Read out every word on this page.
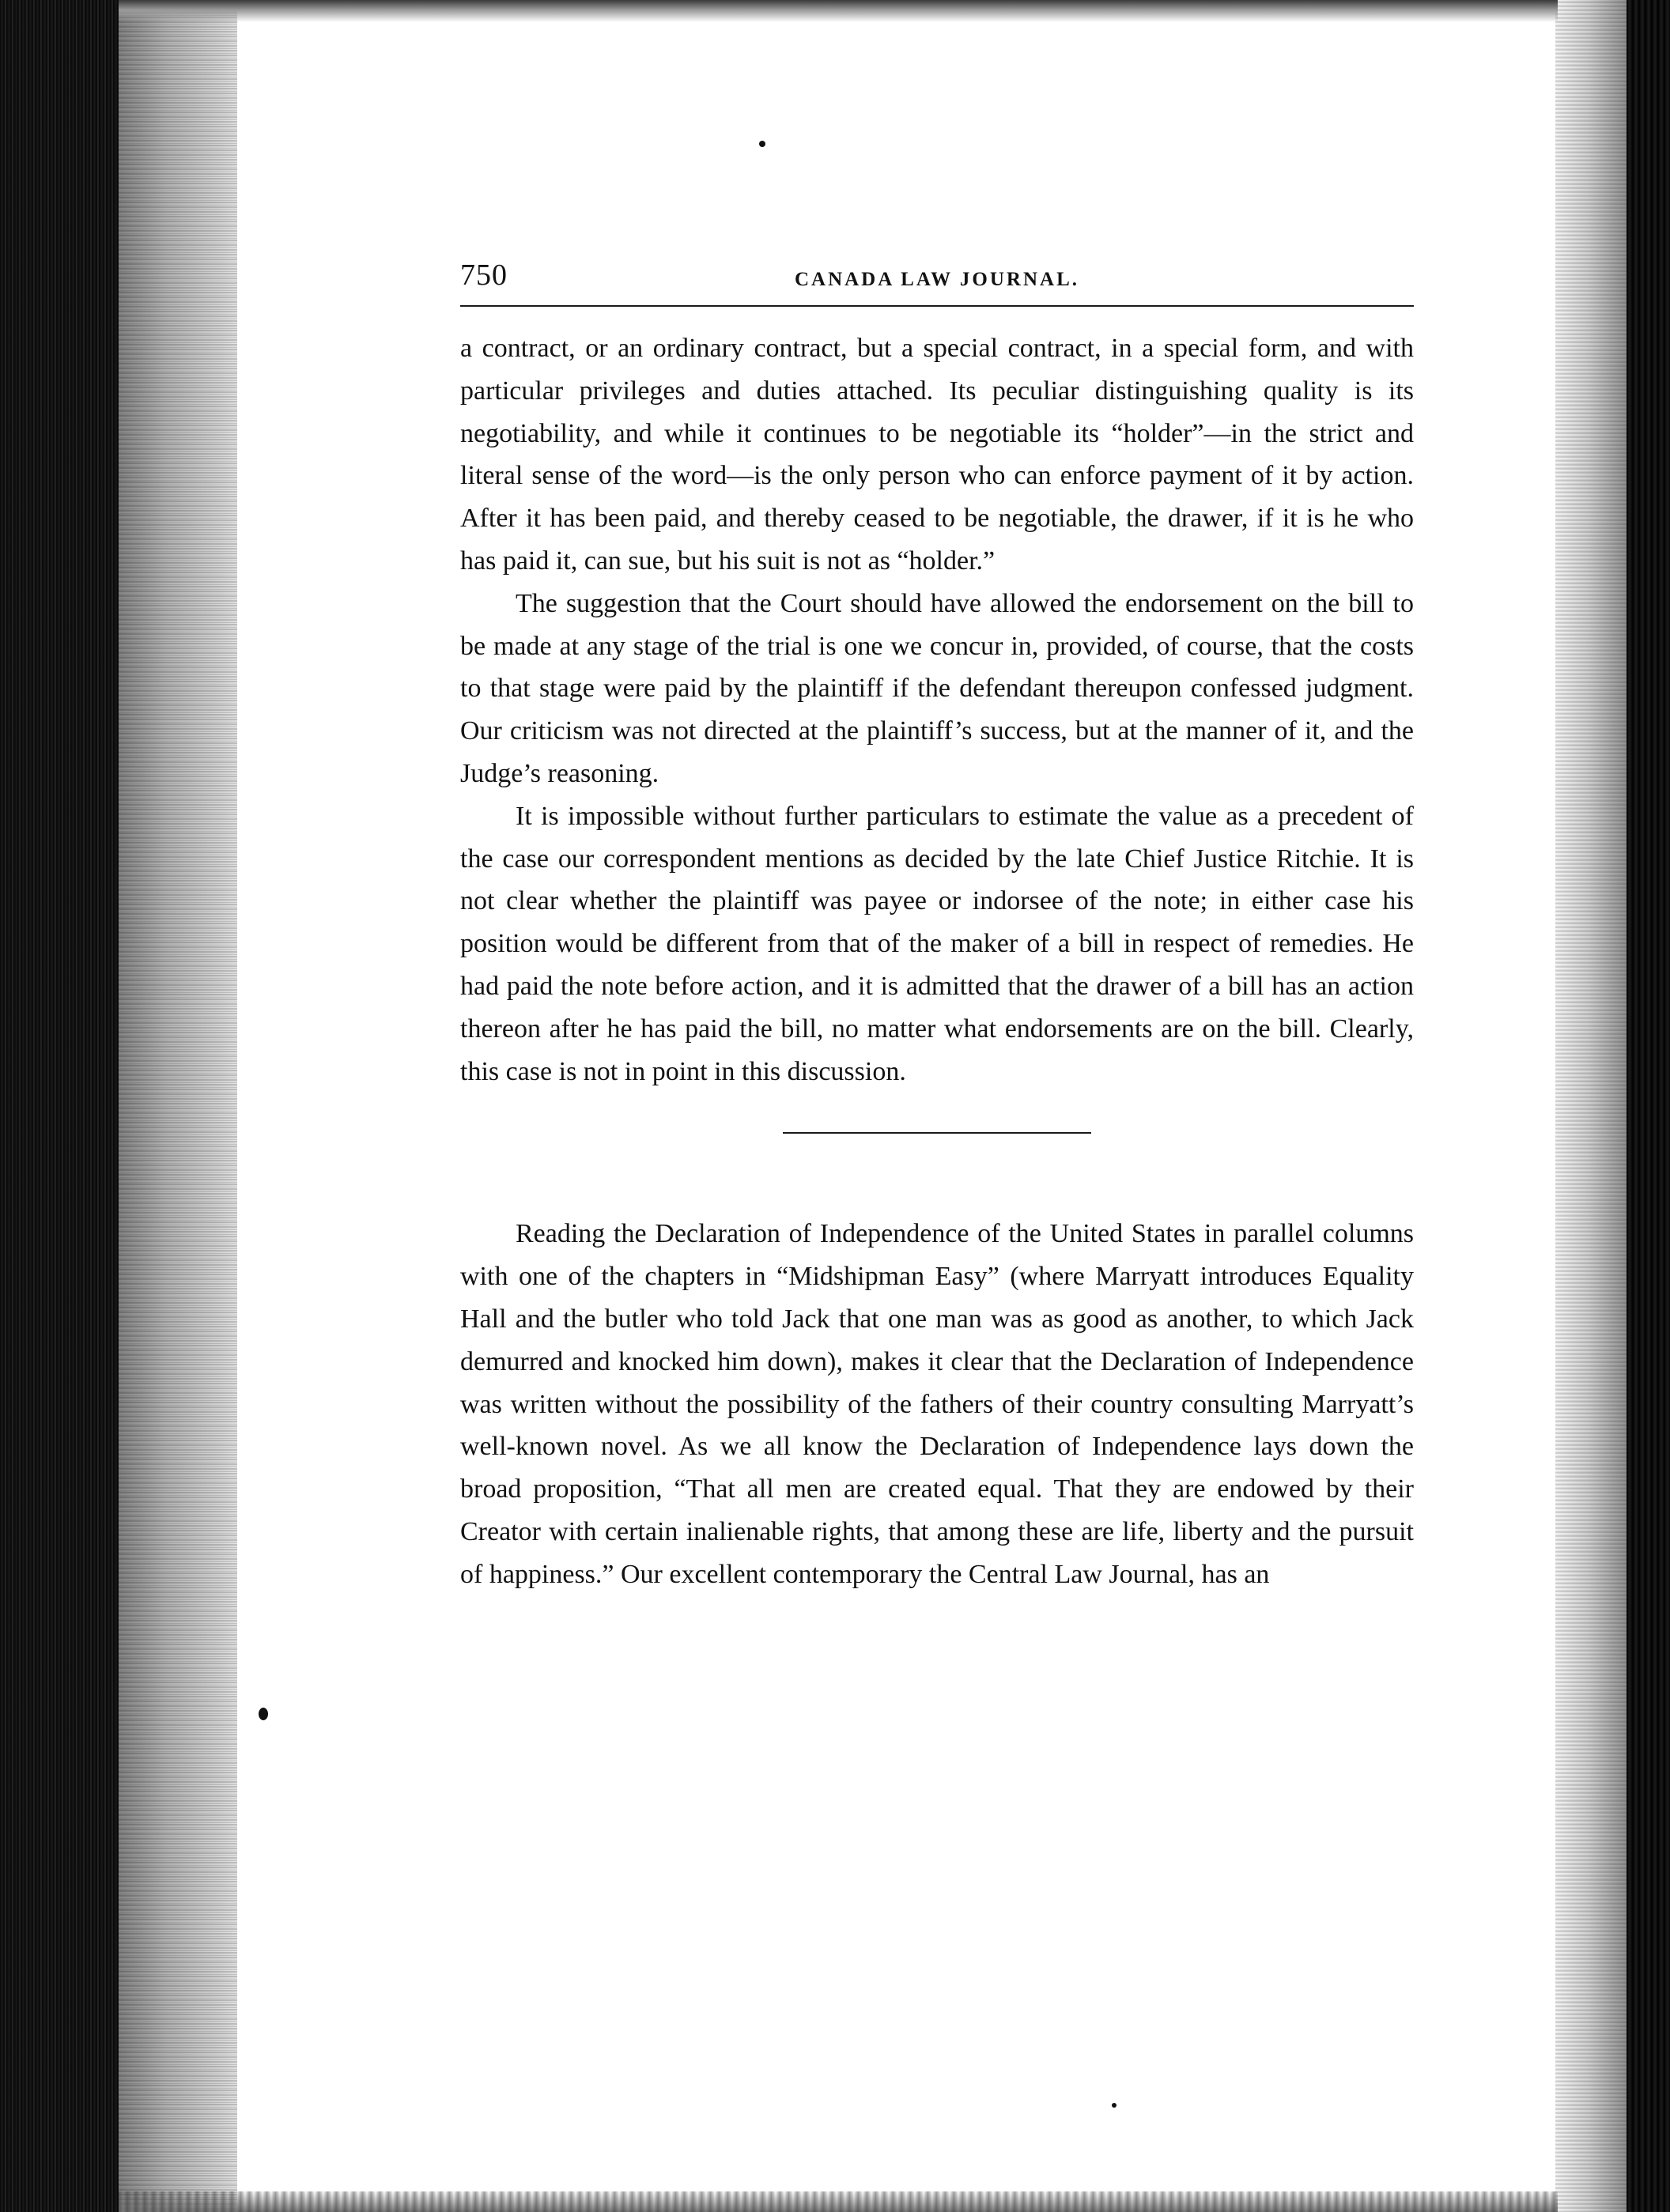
750	CANADA LAW JOURNAL.

a contract, or an ordinary contract, but a special contract, in a special form, and with particular privileges and duties attached. Its peculiar distinguishing quality is its negotiability, and while it continues to be negotiable its “holder”—in the strict and literal sense of the word—is the only person who can enforce payment of it by action. After it has been paid, and thereby ceased to be negotiable, the drawer, if it is he who has paid it, can sue, but his suit is not as “holder.”

The suggestion that the Court should have allowed the endorsement on the bill to be made at any stage of the trial is one we concur in, provided, of course, that the costs to that stage were paid by the plaintiff if the defendant thereupon confessed judgment. Our criticism was not directed at the plaintiff’s success, but at the manner of it, and the Judge’s reasoning.

It is impossible without further particulars to estimate the value as a precedent of the case our correspondent mentions as decided by the late Chief Justice Ritchie. It is not clear whether the plaintiff was payee or indorsee of the note; in either case his position would be different from that of the maker of a bill in respect of remedies. He had paid the note before action, and it is admitted that the drawer of a bill has an action thereon after he has paid the bill, no matter what endorsements are on the bill. Clearly, this case is not in point in this discussion.

Reading the Declaration of Independence of the United States in parallel columns with one of the chapters in “Midshipman Easy” (where Marryatt introduces Equality Hall and the butler who told Jack that one man was as good as another, to which Jack demurred and knocked him down), makes it clear that the Declaration of Independence was written without the possibility of the fathers of their country consulting Marryatt’s well-known novel. As we all know the Declaration of Independence lays down the broad proposition, “That all men are created equal. That they are endowed by their Creator with certain inalienable rights, that among these are life, liberty and the pursuit of happiness.” Our excellent contemporary the Central Law Journal, has an
